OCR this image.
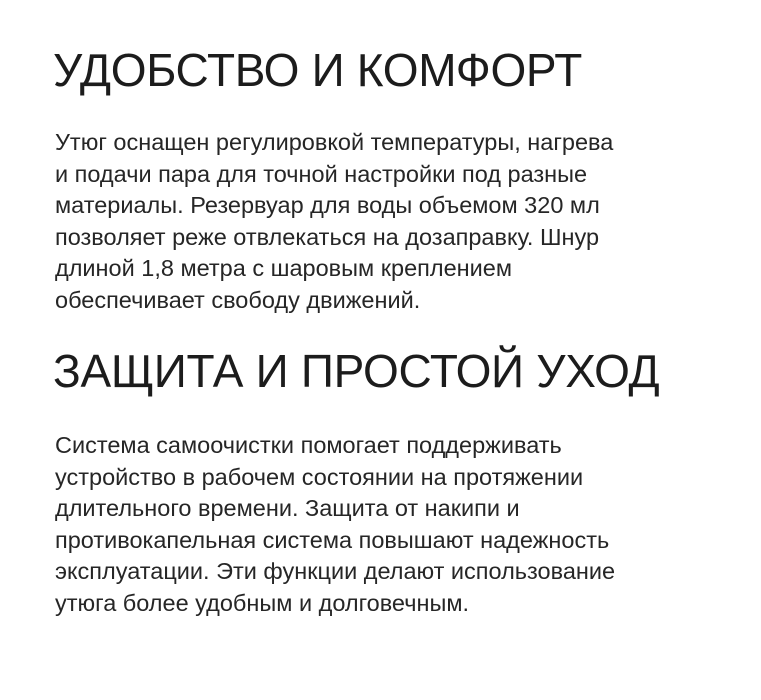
УДОБСТВО И КОМФОРТ

Утюг оснащен регулировкой температуры, нагрева
и подачи пара для точной настройки под разные
материалы. Резервуар для воды объемом 320 мл
позволяет реже отвлекаться на дозаправку. Шнур
длиной 1,8 метра с шаровым креплением
обеспечивает свободу движений.

ЗАЩИТА И ПРОСТОЙ УХОД

Система самоочистки помогает поддерживать
устройство в рабочем состоянии на протяжении
длительного времени. Защита от накипи и
противокапельная система повышают надежность
эксплуатации. Эти функции делают использование
утюга более удобным и долговечным.
